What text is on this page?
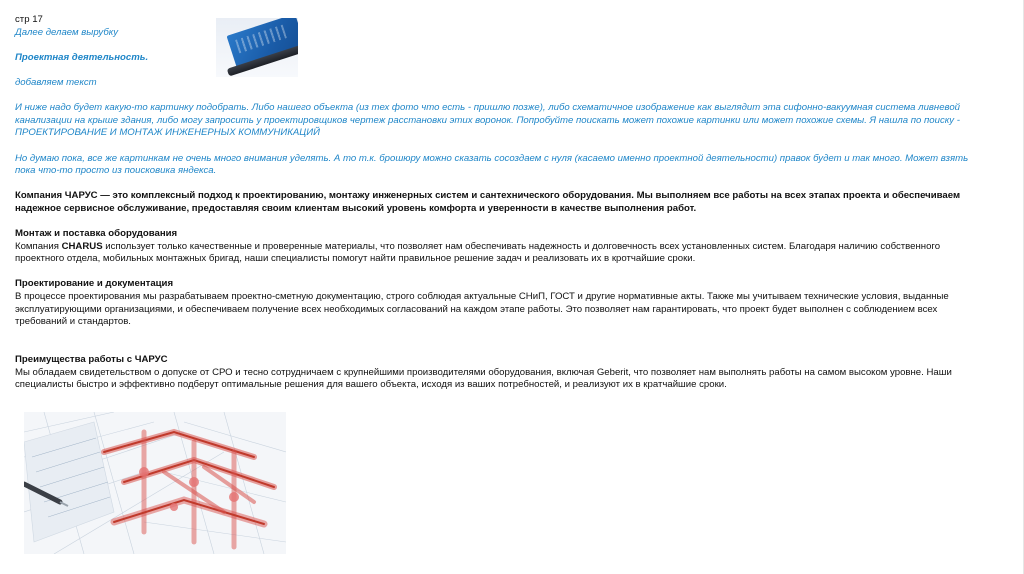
стр 17
Далее делаем вырубку
Проектная деятельность.
добавляем текст
И ниже надо будет какую-то картинку подобрать. Либо нашего объекта (из тех фото что есть - пришлю позже), либо схематичное изображение как выглядит эта сифонно-вакуумная система ливневой канализации на крыше здания, либо могу запросить у проектировщиков чертеж расстановки этих воронок. Попробуйте поискать может похожие картинки или может похожие схемы. Я нашла по поиску - ПРОЕКТИРОВАНИЕ И МОНТАЖ ИНЖЕНЕРНЫХ КОММУНИКАЦИЙ
Но думаю пока, все же картинкам не очень много внимания уделять. А то т.к. брошюру можно сказать сосоздаем с нуля (касаемо именно проектной деятельности) правок будет и так много. Может взять пока что-то просто из поисковика яндекса.
Компания ЧАРУС — это комплексный подход к проектированию, монтажу инженерных систем и сантехнического оборудования. Мы выполняем все работы на всех этапах проекта и обеспечиваем надежное сервисное обслуживание, предоставляя своим клиентам высокий уровень комфорта и уверенности в качестве выполнения работ.
Монтаж и поставка оборудования
Компания CHARUS использует только качественные и проверенные материалы, что позволяет нам обеспечивать надежность и долговечность всех установленных систем. Благодаря наличию собственного проектного отдела, мобильных монтажных бригад, наши специалисты помогут найти правильное решение задач и реализовать их в кротчайшие сроки.
Проектирование и документация
В процессе проектирования мы разрабатываем проектно-сметную документацию, строго соблюдая актуальные СНиП, ГОСТ и другие нормативные акты. Также мы учитываем технические условия, выданные эксплуатирующими организациями, и обеспечиваем получение всех необходимых согласований на каждом этапе работы. Это позволяет нам гарантировать, что проект будет выполнен с соблюдением всех требований и стандартов.
Преимущества работы с ЧАРУС
Мы обладаем свидетельством о допуске от СРО и тесно сотрудничаем с крупнейшими производителями оборудования, включая Geberit, что позволяет нам выполнять работы на самом высоком уровне. Наши специалисты быстро и эффективно подберут оптимальные решения для вашего объекта, исходя из ваших потребностей, и реализуют их в кратчайшие сроки.
